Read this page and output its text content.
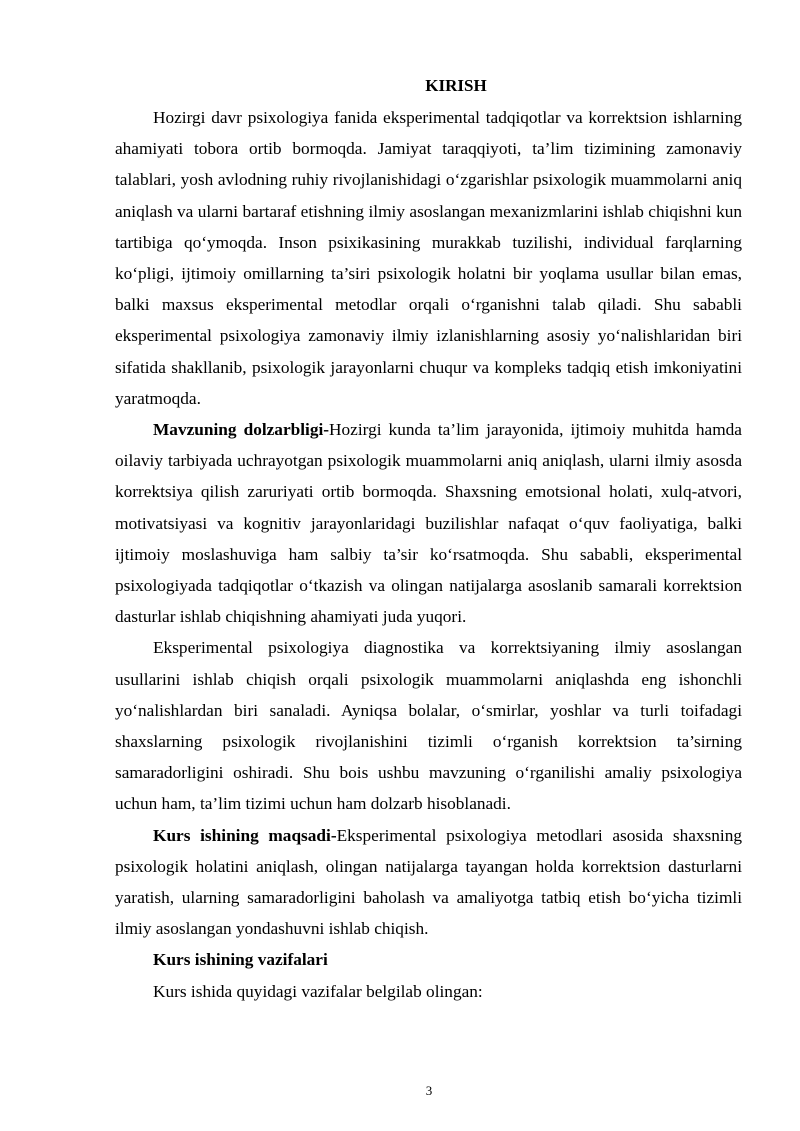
KIRISH

Hozirgi davr psixologiya fanida eksperimental tadqiqotlar va korrektsion ishlarning ahamiyati tobora ortib bormoqda. Jamiyat taraqqiyoti, ta’lim tizimining zamonaviy talablari, yosh avlodning ruhiy rivojlanishidagi o‘zgarishlar psixologik muammolarni aniq aniqlash va ularni bartaraf etishning ilmiy asoslangan mexanizmlarini ishlab chiqishni kun tartibiga qo‘ymoqda. Inson psixikasining murakkab tuzilishi, individual farqlarning ko‘pligi, ijtimoiy omillarning ta’siri psixologik holatni bir yoqlama usullar bilan emas, balki maxsus eksperimental metodlar orqali o‘rganishni talab qiladi. Shu sababli eksperimental psixologiya zamonaviy ilmiy izlanishlarning asosiy yo‘nalishlaridan biri sifatida shakllanib, psixologik jarayonlarni chuqur va kompleks tadqiq etish imkoniyatini yaratmoqda.

Mavzuning dolzarbligi-Hozirgi kunda ta’lim jarayonida, ijtimoiy muhitda hamda oilaviy tarbiyada uchrayotgan psixologik muammolarni aniq aniqlash, ularni ilmiy asosda korrektsiya qilish zaruriyati ortib bormoqda. Shaxsning emotsional holati, xulq-atvori, motivatsiyasi va kognitiv jarayonlaridagi buzilishlar nafaqat o‘quv faoliyatiga, balki ijtimoiy moslashuviga ham salbiy ta’sir ko‘rsatmoqda. Shu sababli, eksperimental psixologiyada tadqiqotlar o‘tkazish va olingan natijalarga asoslanib samarali korrektsion dasturlar ishlab chiqishning ahamiyati juda yuqori.

Eksperimental psixologiya diagnostika va korrektsiyaning ilmiy asoslangan usullarini ishlab chiqish orqali psixologik muammolarni aniqlashda eng ishonchli yo‘nalishlardan biri sanaladi. Ayniqsa bolalar, o‘smirlar, yoshlar va turli toifadagi shaxslarning psixologik rivojlanishini tizimli o‘rganish korrektsion ta’sirning samaradorligini oshiradi. Shu bois ushbu mavzuning o‘rganilishi amaliy psixologiya uchun ham, ta’lim tizimi uchun ham dolzarb hisoblanadi.

Kurs ishining maqsadi-Eksperimental psixologiya metodlari asosida shaxsning psixologik holatini aniqlash, olingan natijalarga tayangan holda korrektsion dasturlarni yaratish, ularning samaradorligini baholash va amaliyotga tatbiq etish bo‘yicha tizimli ilmiy asoslangan yondashuvni ishlab chiqish.

Kurs ishining vazifalari

Kurs ishida quyidagi vazifalar belgilab olingan:

3
